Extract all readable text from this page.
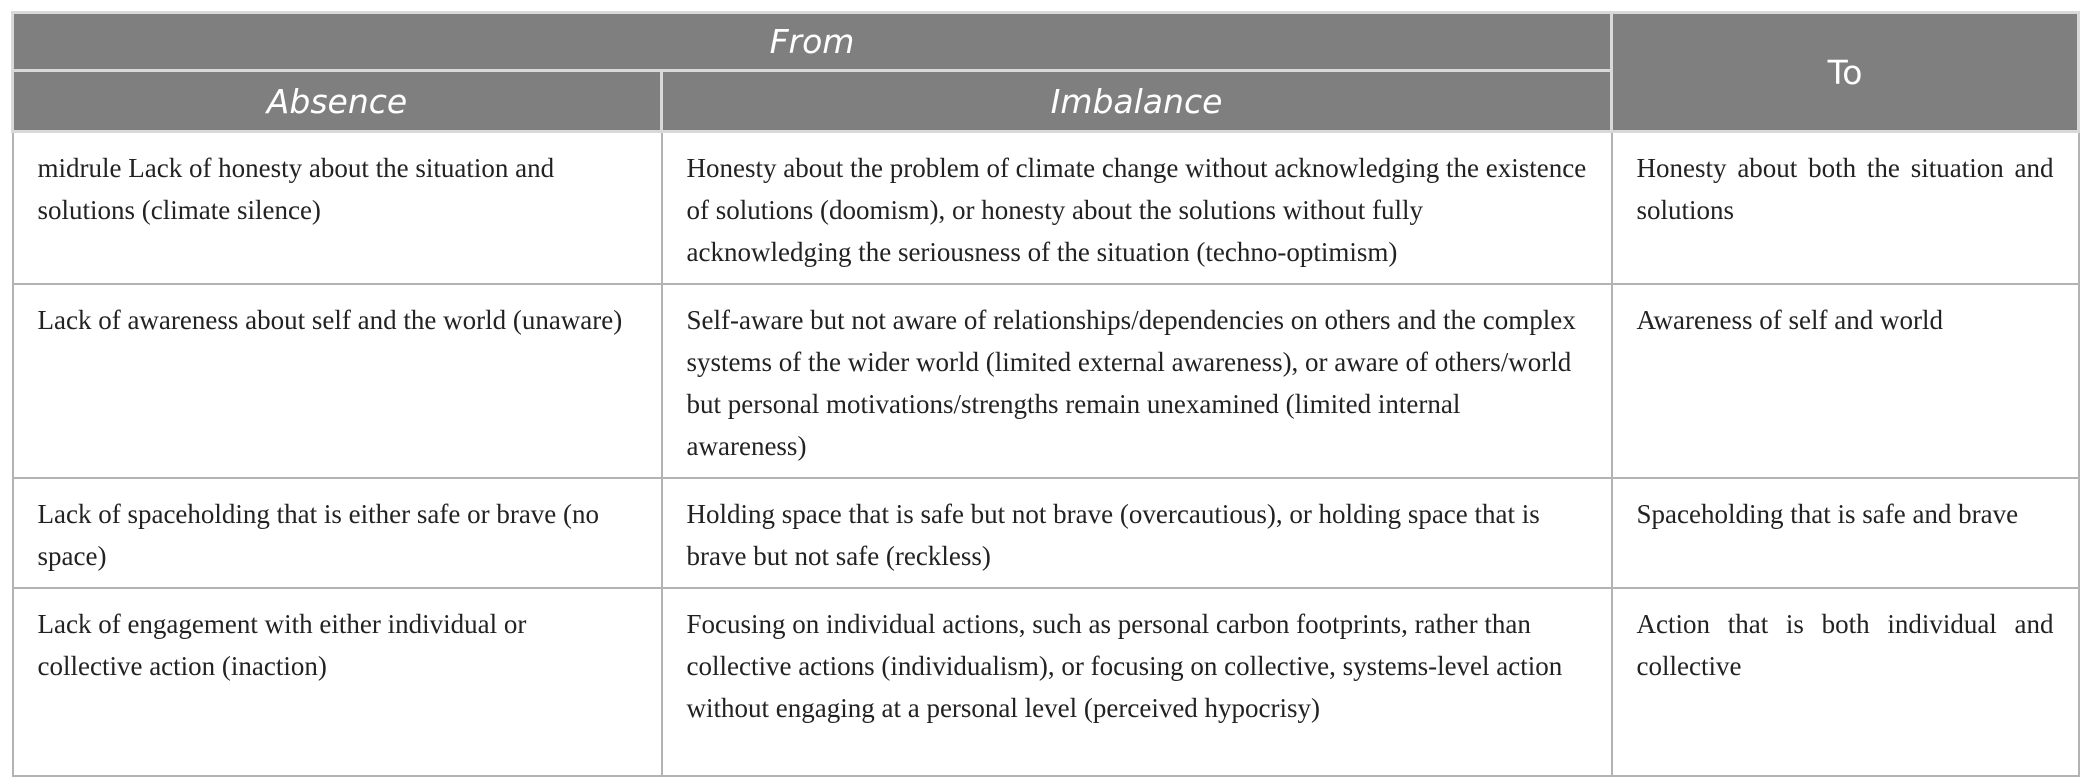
From		To
Absence	Imbalance	
midrule Lack of honesty about the situation and solutions (climate silence)	Honesty about the problem of climate change without acknowledging the existence of solutions (doomism), or honesty about the solutions without fully acknowledging the seriousness of the situation (techno-optimism)	Honesty about both the situation and solutions
Lack of awareness about self and the world (unaware)	Self-aware but not aware of relationships/dependencies on others and the complex systems of the wider world (limited external awareness), or aware of others/world but personal motivations/strengths remain unexamined (limited internal awareness)	Awareness of self and world
Lack of spaceholding that is either safe or brave (no space)	Holding space that is safe but not brave (overcautious), or holding space that is brave but not safe (reckless)	Spaceholding that is safe and brave
Lack of engagement with either individual or collective action (inaction)	Focusing on individual actions, such as personal carbon footprints, rather than collective actions (individualism), or focusing on collective, systems-level action without engaging at a personal level (perceived hypocrisy)	Action that is both individual and collective
